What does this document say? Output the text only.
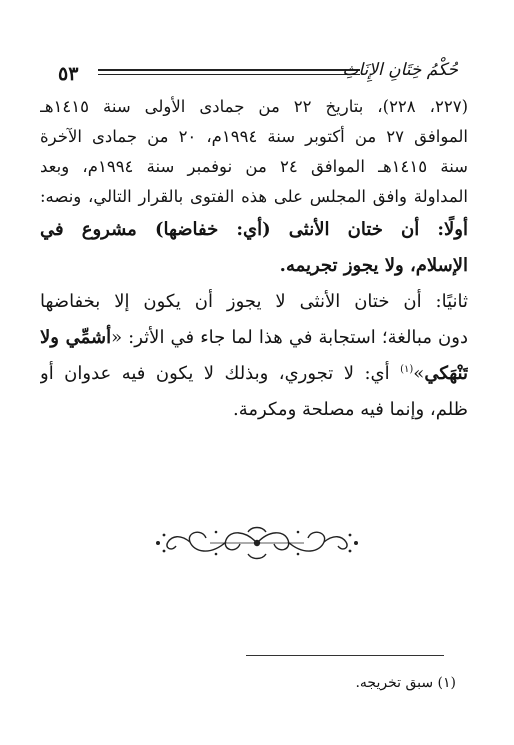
٥٣	حُكْمُ خِتَانِ الإِنَاثِ
(٢٢٧، ٢٢٨)، بتاريخ ٢٢ من جمادى الأولى سنة ١٤١٥هـ
الموافق ٢٧ من أكتوبر سنة ١٩٩٤م، ٢٠ من جمادى الآخرة
سنة ١٤١٥هـ الموافق ٢٤ من نوفمبر سنة ١٩٩٤م، وبعد
المداولة وافق المجلس على هذه الفتوى بالقرار التالي، ونصه:
أولًا: أن ختان الأنثى (أي: خفاضها) مشروع في
الإسلام، ولا يجوز تجريمه.
ثانيًا: أن ختان الأنثى لا يجوز أن يكون إلا بخفاضها
دون مبالغة؛ استجابة في هذا لما جاء في الأثر: «أشمِّي ولا
تَنْهَكي»$^{(١)}$ أي: لا تجوري، وبذلك لا يكون فيه عدوان أو
ظلم، وإنما فيه مصلحة ومكرمة.
(١) سبق تخريجه.
